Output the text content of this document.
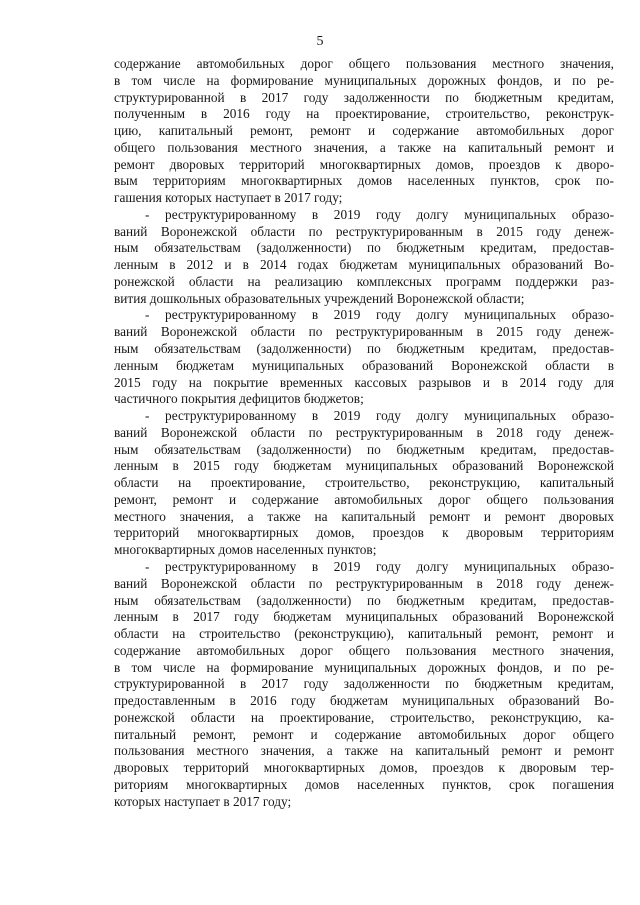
5
содержание автомобильных дорог общего пользования местного значения,
в том числе на формирование муниципальных дорожных фондов, и по ре-
структурированной в 2017 году задолженности по бюджетным кредитам,
полученным в 2016 году на проектирование, строительство, реконструк-
цию, капитальный ремонт, ремонт и содержание автомобильных дорог
общего пользования местного значения, а также на капитальный ремонт и
ремонт дворовых территорий многоквартирных домов, проездов к дворо-
вым территориям многоквартирных домов населенных пунктов, срок по-
гашения которых наступает в 2017 году;
- реструктурированному в 2019 году долгу муниципальных образо-
ваний Воронежской области по реструктурированным в 2015 году денеж-
ным обязательствам (задолженности) по бюджетным кредитам, предостав-
ленным в 2012 и в 2014 годах бюджетам муниципальных образований Во-
ронежской области на реализацию комплексных программ поддержки раз-
вития дошкольных образовательных учреждений Воронежской области;
- реструктурированному в 2019 году долгу муниципальных образо-
ваний Воронежской области по реструктурированным в 2015 году денеж-
ным обязательствам (задолженности) по бюджетным кредитам, предостав-
ленным бюджетам муниципальных образований Воронежской области в
2015 году на покрытие временных кассовых разрывов и в 2014 году для
частичного покрытия дефицитов бюджетов;
- реструктурированному в 2019 году долгу муниципальных образо-
ваний Воронежской области по реструктурированным в 2018 году денеж-
ным обязательствам (задолженности) по бюджетным кредитам, предостав-
ленным в 2015 году бюджетам муниципальных образований Воронежской
области на проектирование, строительство, реконструкцию, капитальный
ремонт, ремонт и содержание автомобильных дорог общего пользования
местного значения, а также на капитальный ремонт и ремонт дворовых
территорий многоквартирных домов, проездов к дворовым территориям
многоквартирных домов населенных пунктов;
- реструктурированному в 2019 году долгу муниципальных образо-
ваний Воронежской области по реструктурированным в 2018 году денеж-
ным обязательствам (задолженности) по бюджетным кредитам, предостав-
ленным в 2017 году бюджетам муниципальных образований Воронежской
области на строительство (реконструкцию), капитальный ремонт, ремонт и
содержание автомобильных дорог общего пользования местного значения,
в том числе на формирование муниципальных дорожных фондов, и по ре-
структурированной в 2017 году задолженности по бюджетным кредитам,
предоставленным в 2016 году бюджетам муниципальных образований Во-
ронежской области на проектирование, строительство, реконструкцию, ка-
питальный ремонт, ремонт и содержание автомобильных дорог общего
пользования местного значения, а также на капитальный ремонт и ремонт
дворовых территорий многоквартирных домов, проездов к дворовым тер-
риториям многоквартирных домов населенных пунктов, срок погашения
которых наступает в 2017 году;
